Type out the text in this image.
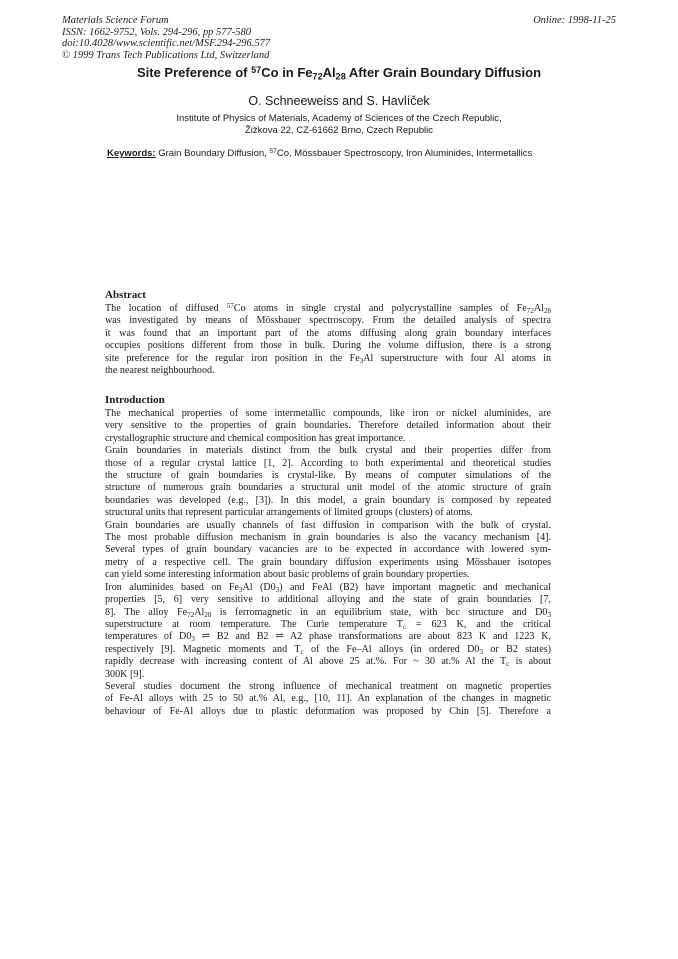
Materials Science Forum
ISSN: 1662-9752, Vols. 294-296, pp 577-580
doi:10.4028/www.scientific.net/MSF.294-296.577
© 1999 Trans Tech Publications Ltd, Switzerland
Online: 1998-11-25
Site Preference of $^{57}$Co in $Fe_{72}Al_{28}$ After Grain Boundary Diffusion
O. Schneeweiss and S. Havlíček
Institute of Physics of Materials, Academy of Sciences of the Czech Republic,
Žižkova 22, CZ-61662 Brno, Czech Republic
Keywords: Grain Boundary Diffusion, $^{57}$Co, Mössbauer Spectroscopy, Iron Aluminides, Intermetallics
Abstract
The location of diffused $^{57}$Co atoms in single crystal and polycrystalline samples of $Fe_{72}Al_{28}$
was investigated by means of Mössbauer spectroscopy. From the detailed analysis of spectra
it was found that an important part of the atoms diffusing along grain boundary interfaces
occupies positions different from those in bulk. During the volume diffusion, there is a strong
site preference for the regular iron position in the $Fe_3Al$ superstructure with four Al atoms in
the nearest neighbourhood.
Introduction
The mechanical properties of some intermetallic compounds, like iron or nickel aluminides, are
very sensitive to the properties of grain boundaries. Therefore detailed information about their
crystallographic structure and chemical composition has great importance.
Grain boundaries in materials distinct from the bulk crystal and their properties differ from
those of a regular crystal lattice [1, 2]. According to both experimental and theoretical studies
the structure of grain boundaries is crystal-like. By means of computer simulations of the
structure of numerous grain boundaries a structural unit model of the atomic structure of grain
boundaries was developed (e.g., [3]). In this model, a grain boundary is composed by repeated
structural units that represent particular arrangements of limited groups (clusters) of atoms.
Grain boundaries are usually channels of fast diffusion in comparison with the bulk of crystal.
The most probable diffusion mechanism in grain boundaries is also the vacancy mechanism [4].
Several types of grain boundary vacancies are to be expected in accordance with lowered sym-
metry of a respective cell. The grain boundary diffusion experiments using Mössbauer isotopes
can yield some interesting information about basic problems of grain boundary properties.
Iron aluminides based on $Fe_3Al$ $(D0_3)$ and FeAl (B2) have important magnetic and mechanical
properties [5, 6] very sensitive to additional alloying and the state of grain boundaries [7,
8]. The alloy $Fe_{72}Al_{28}$ is ferromagnetic in an equilibrium state, with bcc structure and $D0_3$
superstructure at room temperature. The Curie temperature $T_c = 623$ K, and the critical
temperatures of $D0_3$ ⇌ B2 and B2 ⇌ A2 phase transformations are about 823 K and 1223 K,
respectively [9]. Magnetic moments and $T_c$ of the Fe–Al alloys (in ordered $D0_3$ or B2 states)
rapidly decrease with increasing content of Al above 25 at.%. For ~ 30 at.% Al the $T_c$ is about
300K [9].
Several studies document the strong influence of mechanical treatment on magnetic properties
of Fe-Al alloys with 25 to 50 at.% Al, e.g., [10, 11]. An explanation of the changes in magnetic
behaviour of Fe-Al alloys due to plastic deformation was proposed by Chin [5]. Therefore a
